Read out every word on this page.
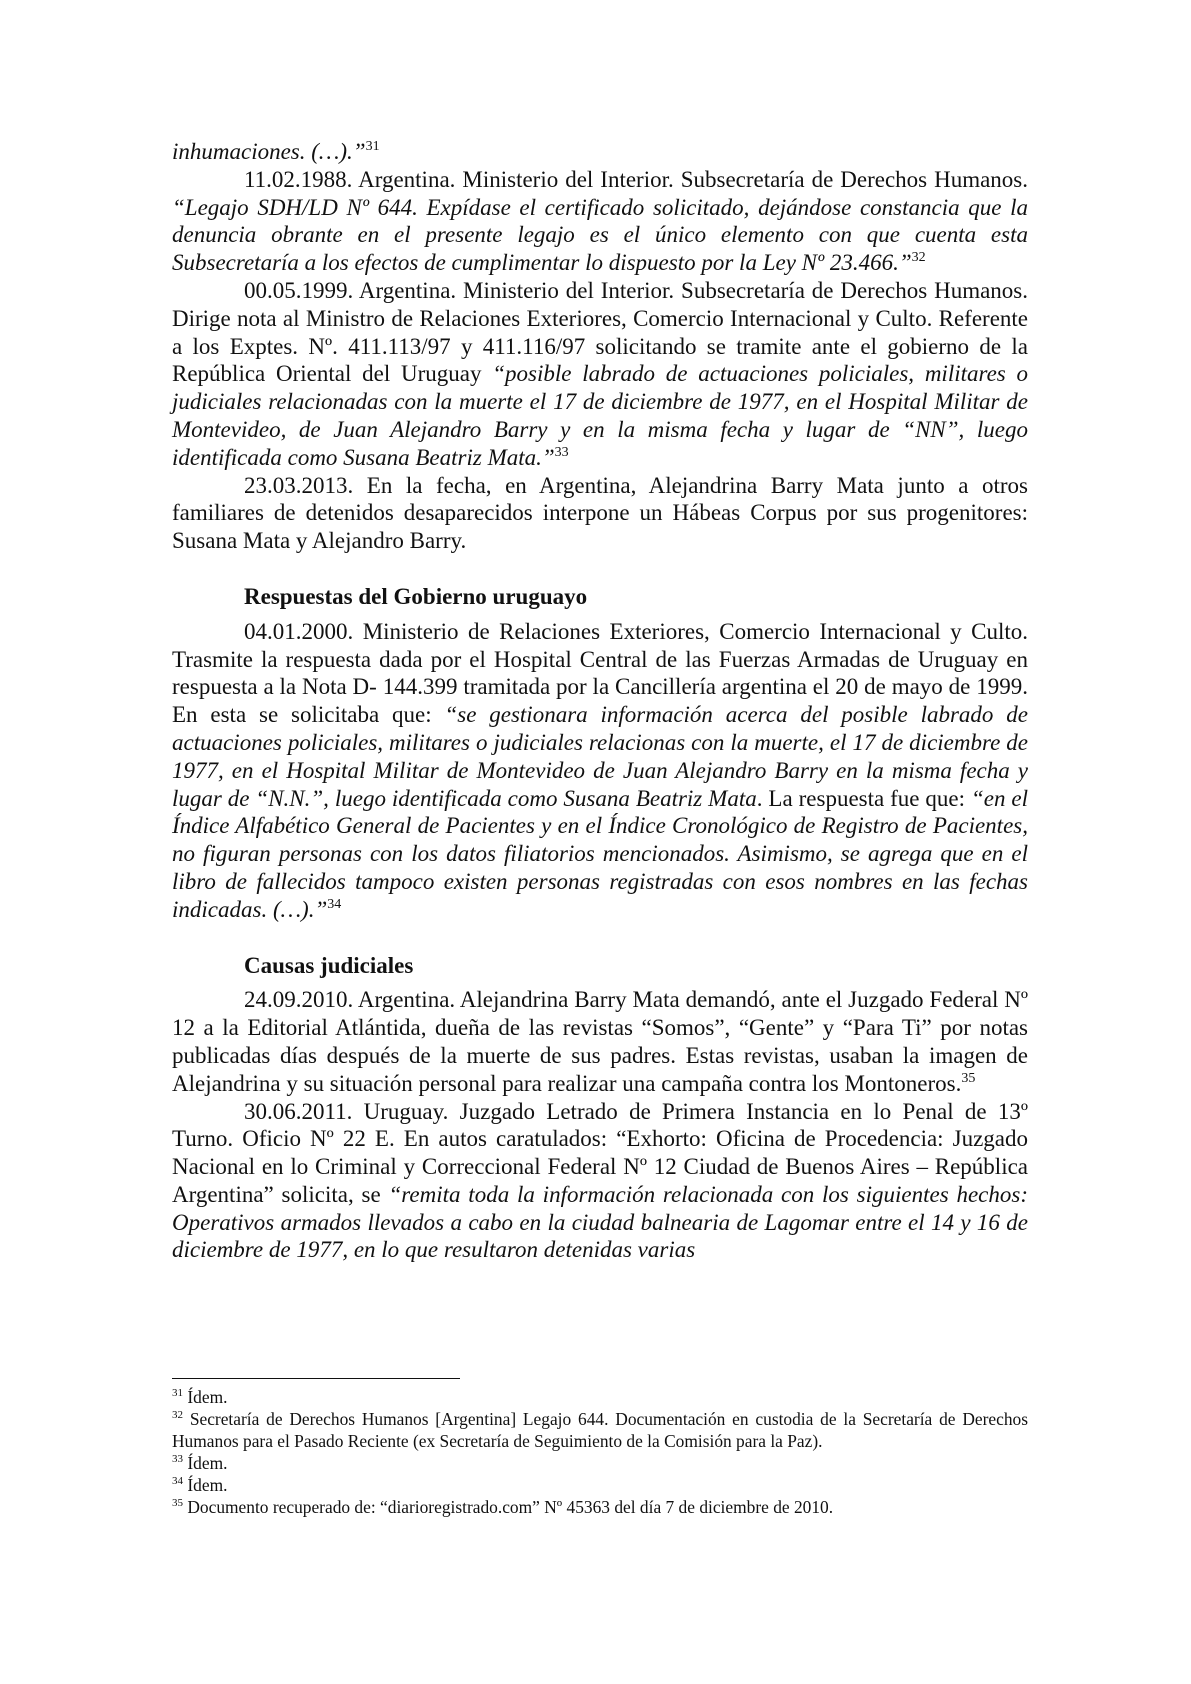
inhumaciones. (…).”$^{31}$

11.02.1988. Argentina. Ministerio del Interior. Subsecretaría de Derechos Humanos. “Legajo SDH/LD Nº 644. Expídase el certificado solicitado, dejándose constancia que la denuncia obrante en el presente legajo es el único elemento con que cuenta esta Subsecretaría a los efectos de cumplimentar lo dispuesto por la Ley Nº 23.466.”$^{32}$

00.05.1999. Argentina. Ministerio del Interior. Subsecretaría de Derechos Humanos. Dirige nota al Ministro de Relaciones Exteriores, Comercio Internacional y Culto. Referente a los Exptes. Nº. 411.113/97 y 411.116/97 solicitando se tramite ante el gobierno de la República Oriental del Uruguay “posible labrado de actuaciones policiales, militares o judiciales relacionadas con la muerte el 17 de diciembre de 1977, en el Hospital Militar de Montevideo, de Juan Alejandro Barry y en la misma fecha y lugar de “NN”, luego identificada como Susana Beatriz Mata.”$^{33}$

23.03.2013. En la fecha, en Argentina, Alejandrina Barry Mata junto a otros familiares de detenidos desaparecidos interpone un Hábeas Corpus por sus progenitores: Susana Mata y Alejandro Barry.

Respuestas del Gobierno uruguayo

04.01.2000. Ministerio de Relaciones Exteriores, Comercio Internacional y Culto. Trasmite la respuesta dada por el Hospital Central de las Fuerzas Armadas de Uruguay en respuesta a la Nota D- 144.399 tramitada por la Cancillería argentina el 20 de mayo de 1999. En esta se solicitaba que: “se gestionara información acerca del posible labrado de actuaciones policiales, militares o judiciales relacionas con la muerte, el 17 de diciembre de 1977, en el Hospital Militar de Montevideo de Juan Alejandro Barry en la misma fecha y lugar de “N.N.”, luego identificada como Susana Beatriz Mata. La respuesta fue que: “en el Índice Alfabético General de Pacientes y en el Índice Cronológico de Registro de Pacientes, no figuran personas con los datos filiatorios mencionados. Asimismo, se agrega que en el libro de fallecidos tampoco existen personas registradas con esos nombres en las fechas indicadas. (…).”$^{34}$

Causas judiciales

24.09.2010. Argentina. Alejandrina Barry Mata demandó, ante el Juzgado Federal Nº 12 a la Editorial Atlántida, dueña de las revistas “Somos”, “Gente” y “Para Ti” por notas publicadas días después de la muerte de sus padres. Estas revistas, usaban la imagen de Alejandrina y su situación personal para realizar una campaña contra los Montoneros.$^{35}$

30.06.2011. Uruguay. Juzgado Letrado de Primera Instancia en lo Penal de 13º Turno. Oficio Nº 22 E. En autos caratulados: “Exhorto: Oficina de Procedencia: Juzgado Nacional en lo Criminal y Correccional Federal Nº 12 Ciudad de Buenos Aires – República Argentina” solicita, se “remita toda la información relacionada con los siguientes hechos: Operativos armados llevados a cabo en la ciudad balnearia de Lagomar entre el 14 y 16 de diciembre de 1977, en lo que resultaron detenidas varias

$^{31}$ Ídem.

$^{32}$ Secretaría de Derechos Humanos [Argentina] Legajo 644. Documentación en custodia de la Secretaría de Derechos Humanos para el Pasado Reciente (ex Secretaría de Seguimiento de la Comisión para la Paz).

$^{33}$ Ídem.

$^{34}$ Ídem.

$^{35}$ Documento recuperado de: “diarioregistrado.com” Nº 45363 del día 7 de diciembre de 2010.
